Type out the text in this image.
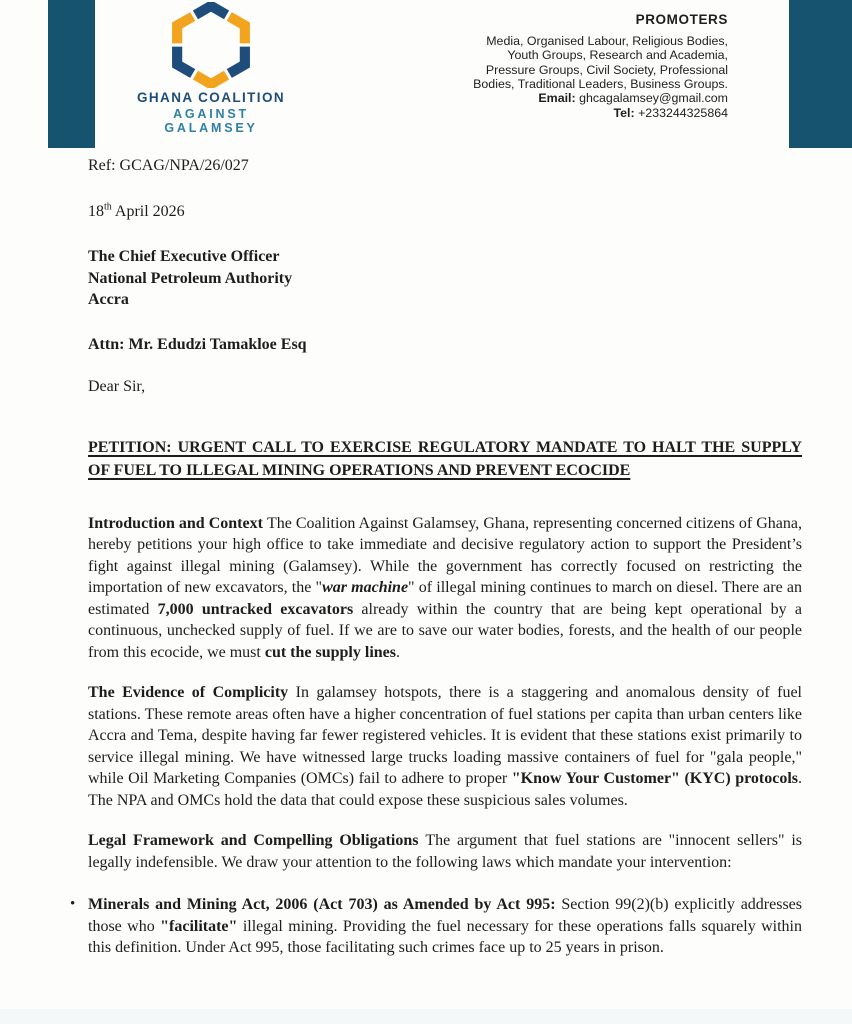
GHANA COALITION
AGAINST GALAMSEY
PROMOTERS
Media, Organised Labour, Religious Bodies,
Youth Groups, Research and Academia,
Pressure Groups, Civil Society, Professional
Bodies, Traditional Leaders, Business Groups.
Email: ghcagalamsey@gmail.com
Tel: +233244325864
Ref: GCAG/NPA/26/027
18th April 2026
The Chief Executive Officer
National Petroleum Authority
Accra
Attn: Mr. Edudzi Tamakloe Esq
Dear Sir,
PETITION: URGENT CALL TO EXERCISE REGULATORY MANDATE TO HALT THE SUPPLY OF FUEL TO ILLEGAL MINING OPERATIONS AND PREVENT ECOCIDE

Introduction and Context The Coalition Against Galamsey, Ghana, representing concerned citizens of Ghana, hereby petitions your high office to take immediate and decisive regulatory action to support the President’s fight against illegal mining (Galamsey). While the government has correctly focused on restricting the importation of new excavators, the "war machine" of illegal mining continues to march on diesel. There are an estimated 7,000 untracked excavators already within the country that are being kept operational by a continuous, unchecked supply of fuel. If we are to save our water bodies, forests, and the health of our people from this ecocide, we must cut the supply lines.

The Evidence of Complicity In galamsey hotspots, there is a staggering and anomalous density of fuel stations. These remote areas often have a higher concentration of fuel stations per capita than urban centers like Accra and Tema, despite having far fewer registered vehicles. It is evident that these stations exist primarily to service illegal mining. We have witnessed large trucks loading massive containers of fuel for "gala people," while Oil Marketing Companies (OMCs) fail to adhere to proper "Know Your Customer" (KYC) protocols. The NPA and OMCs hold the data that could expose these suspicious sales volumes.

Legal Framework and Compelling Obligations The argument that fuel stations are "innocent sellers" is legally indefensible. We draw your attention to the following laws which mandate your intervention:

• Minerals and Mining Act, 2006 (Act 703) as Amended by Act 995: Section 99(2)(b) explicitly addresses those who "facilitate" illegal mining. Providing the fuel necessary for these operations falls squarely within this definition. Under Act 995, those facilitating such crimes face up to 25 years in prison.
